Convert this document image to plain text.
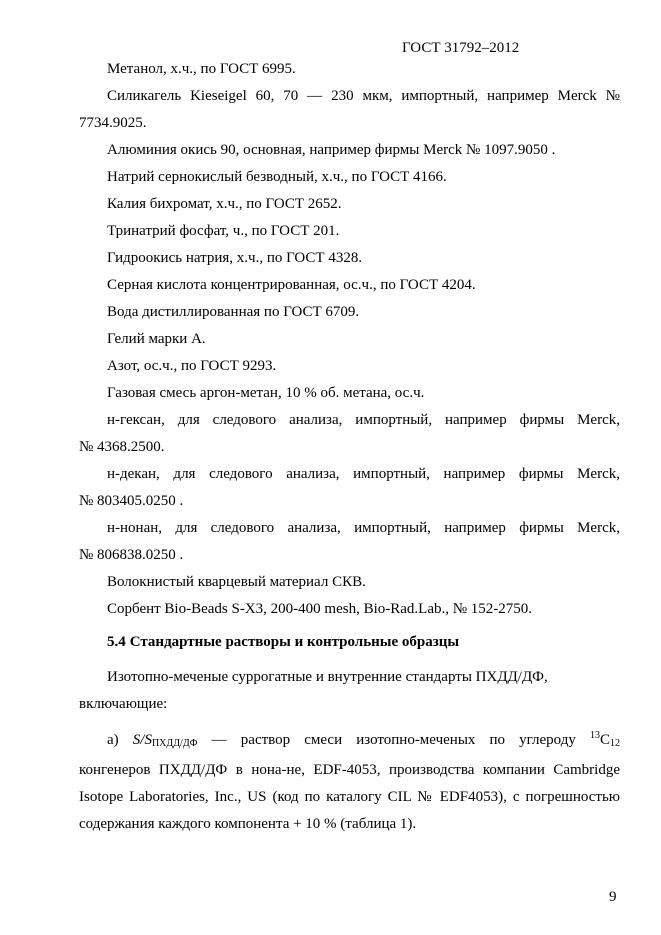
ГОСТ 31792–2012
Метанол, х.ч., по ГОСТ 6995.
Силикагель Kieseigel 60, 70 — 230 мкм, импортный, например Merck №
7734.9025.
Алюминия окись 90, основная, например фирмы Merck № 1097.9050 .
Натрий сернокислый безводный, х.ч., по ГОСТ 4166.
Калия бихромат, х.ч., по ГОСТ 2652.
Тринатрий фосфат, ч., по ГОСТ 201.
Гидроокись натрия, х.ч., по ГОСТ 4328.
Серная кислота концентрированная, ос.ч., по ГОСТ 4204.
Вода дистиллированная по ГОСТ 6709.
Гелий марки А.
Азот, ос.ч., по ГОСТ 9293.
Газовая смесь аргон-метан, 10 % об. метана, ос.ч.
н-гексан, для следового анализа, импортный, например фирмы Merck,
№ 4368.2500.
н-декан, для следового анализа, импортный, например фирмы Merck,
№ 803405.0250 .
н-нонан, для следового анализа, импортный, например фирмы Merck,
№ 806838.0250 .
Волокнистый кварцевый материал СКВ.
Сорбент Bio-Beads S-X3, 200-400 mesh, Bio-Rad.Lab., № 152-2750.
5.4 Стандартные растворы и контрольные образцы
Изотопно-меченые суррогатные и внутренние стандарты ПХДД/ДФ,
включающие:
а) $S/S_{ПХДД/ДФ}$ — раствор смеси изотопно-меченых по углероду $^{13}С_{12}$
конгенеров ПХДД/ДФ в нона-не, EDF-4053, производства компании Cambridge
Isotope Laboratories, Inc., US (код по каталогу CIL № EDF4053), с погрешностью
содержания каждого компонента + 10 % (таблица 1).
9
